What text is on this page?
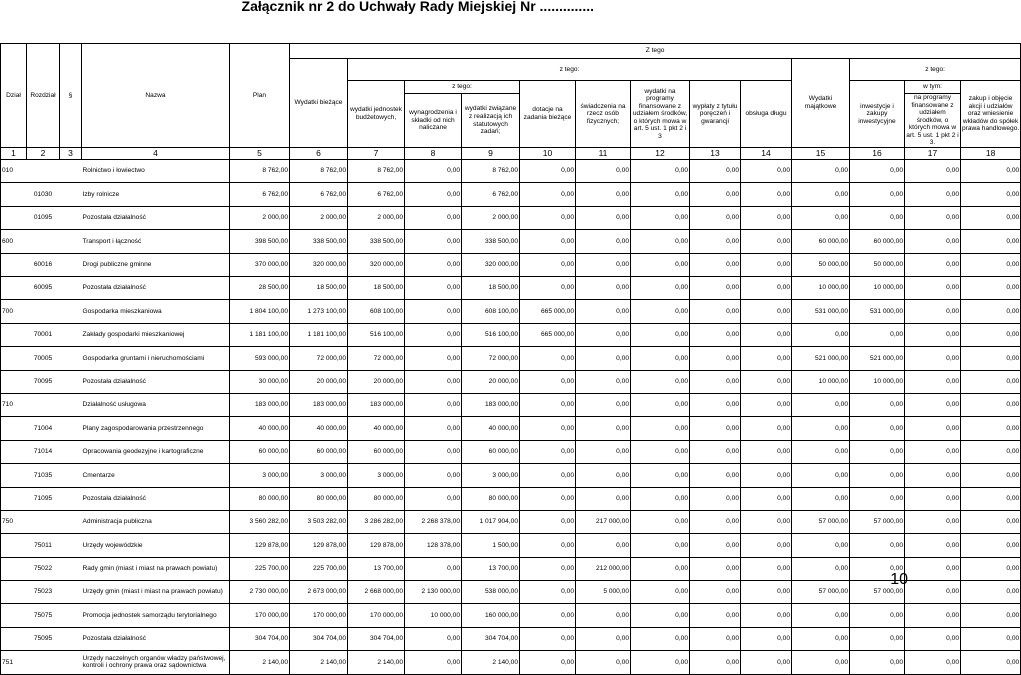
Załącznik nr 2 do Uchwały Rady Miejskiej Nr ..............
Dział	Rozdział	§	Nazwa	Plan	Z tego												
					Wydatki bieżące	z tego:								Wydatki majątkowe	z tego:		
						wydatki jednostek budżetowych,	z tego:		dotacje na zadania bieżące	świadczenia na rzecz osób fizycznych;	wydatki na programy finansowane z udziałem środków, o których mowa w art. 5 ust. 1 pkt 2 i 3	wypłaty z tytułu poręczeń i gwarancji	obsługa długu		inwestycje i zakupy inwestycyjne	w tym:	zakup i objęcie akcji i udziałów oraz wniesienie wkładów do spółek prawa handlowego.
							wynagrodzenia i składki od nich naliczane	wydatki związane z realizacją ich statutowych zadań;								na programy finansowane z udziałem środków, o których mowa w art. 5 ust. 1 pkt 2 i 3.	
1	2	3	4	5	6	7	8	9	10	11	12	13	14	15	16	17	18
010			Rolnictwo i łowiectwo	8 762,00	8 762,00	8 762,00	0,00	8 762,00	0,00	0,00	0,00	0,00	0,00	0,00	0,00	0,00	0,00
	01030		Izby rolnicze	6 762,00	6 762,00	6 762,00	0,00	6 762,00	0,00	0,00	0,00	0,00	0,00	0,00	0,00	0,00	0,00
	01095		Pozostała działalność	2 000,00	2 000,00	2 000,00	0,00	2 000,00	0,00	0,00	0,00	0,00	0,00	0,00	0,00	0,00	0,00
600			Transport i łączność	398 500,00	338 500,00	338 500,00	0,00	338 500,00	0,00	0,00	0,00	0,00	0,00	60 000,00	60 000,00	0,00	0,00
	60016		Drogi publiczne gminne	370 000,00	320 000,00	320 000,00	0,00	320 000,00	0,00	0,00	0,00	0,00	0,00	50 000,00	50 000,00	0,00	0,00
	60095		Pozostała działalność	28 500,00	18 500,00	18 500,00	0,00	18 500,00	0,00	0,00	0,00	0,00	0,00	10 000,00	10 000,00	0,00	0,00
700			Gospodarka mieszkaniowa	1 804 100,00	1 273 100,00	608 100,00	0,00	608 100,00	665 000,00	0,00	0,00	0,00	0,00	531 000,00	531 000,00	0,00	0,00
	70001		Zakłady gospodarki mieszkaniowej	1 181 100,00	1 181 100,00	516 100,00	0,00	516 100,00	665 000,00	0,00	0,00	0,00	0,00	0,00	0,00	0,00	0,00
	70005		Gospodarka gruntami i nieruchomościami	593 000,00	72 000,00	72 000,00	0,00	72 000,00	0,00	0,00	0,00	0,00	0,00	521 000,00	521 000,00	0,00	0,00
	70095		Pozostała działalność	30 000,00	20 000,00	20 000,00	0,00	20 000,00	0,00	0,00	0,00	0,00	0,00	10 000,00	10 000,00	0,00	0,00
710			Działalność usługowa	183 000,00	183 000,00	183 000,00	0,00	183 000,00	0,00	0,00	0,00	0,00	0,00	0,00	0,00	0,00	0,00
	71004		Plany zagospodarowania przestrzennego	40 000,00	40 000,00	40 000,00	0,00	40 000,00	0,00	0,00	0,00	0,00	0,00	0,00	0,00	0,00	0,00
	71014		Opracowania geodezyjne i kartograficzne	60 000,00	60 000,00	60 000,00	0,00	60 000,00	0,00	0,00	0,00	0,00	0,00	0,00	0,00	0,00	0,00
	71035		Cmentarze	3 000,00	3 000,00	3 000,00	0,00	3 000,00	0,00	0,00	0,00	0,00	0,00	0,00	0,00	0,00	0,00
	71095		Pozostała działalność	80 000,00	80 000,00	80 000,00	0,00	80 000,00	0,00	0,00	0,00	0,00	0,00	0,00	0,00	0,00	0,00
750			Administracja publiczna	3 560 282,00	3 503 282,00	3 286 282,00	2 268 378,00	1 017 904,00	0,00	217 000,00	0,00	0,00	0,00	57 000,00	57 000,00	0,00	0,00
	75011		Urzędy wojewódzkie	129 878,00	129 878,00	129 878,00	128 378,00	1 500,00	0,00	0,00	0,00	0,00	0,00	0,00	0,00	0,00	0,00
	75022		Rady gmin (miast i miast na prawach powiatu)	225 700,00	225 700,00	13 700,00	0,00	13 700,00	0,00	212 000,00	0,00	0,00	0,00	0,00	0,00	0,00	0,00
	75023		Urzędy gmin (miast i miast na prawach powiatu)	2 730 000,00	2 673 000,00	2 668 000,00	2 130 000,00	538 000,00	0,00	5 000,00	0,00	0,00	0,00	57 000,00	57 000,00	0,00	0,00
	75075		Promocja jednostek samorządu terytorialnego	170 000,00	170 000,00	170 000,00	10 000,00	160 000,00	0,00	0,00	0,00	0,00	0,00	0,00	0,00	0,00	0,00
	75095		Pozostała działalność	304 704,00	304 704,00	304 704,00	0,00	304 704,00	0,00	0,00	0,00	0,00	0,00	0,00	0,00	0,00	0,00
751			Urzędy naczelnych organów władzy państwowej, kontroli i ochrony prawa oraz sądownictwa	2 140,00	2 140,00	2 140,00	0,00	2 140,00	0,00	0,00	0,00	0,00	0,00	0,00	0,00	0,00	0,00
10
